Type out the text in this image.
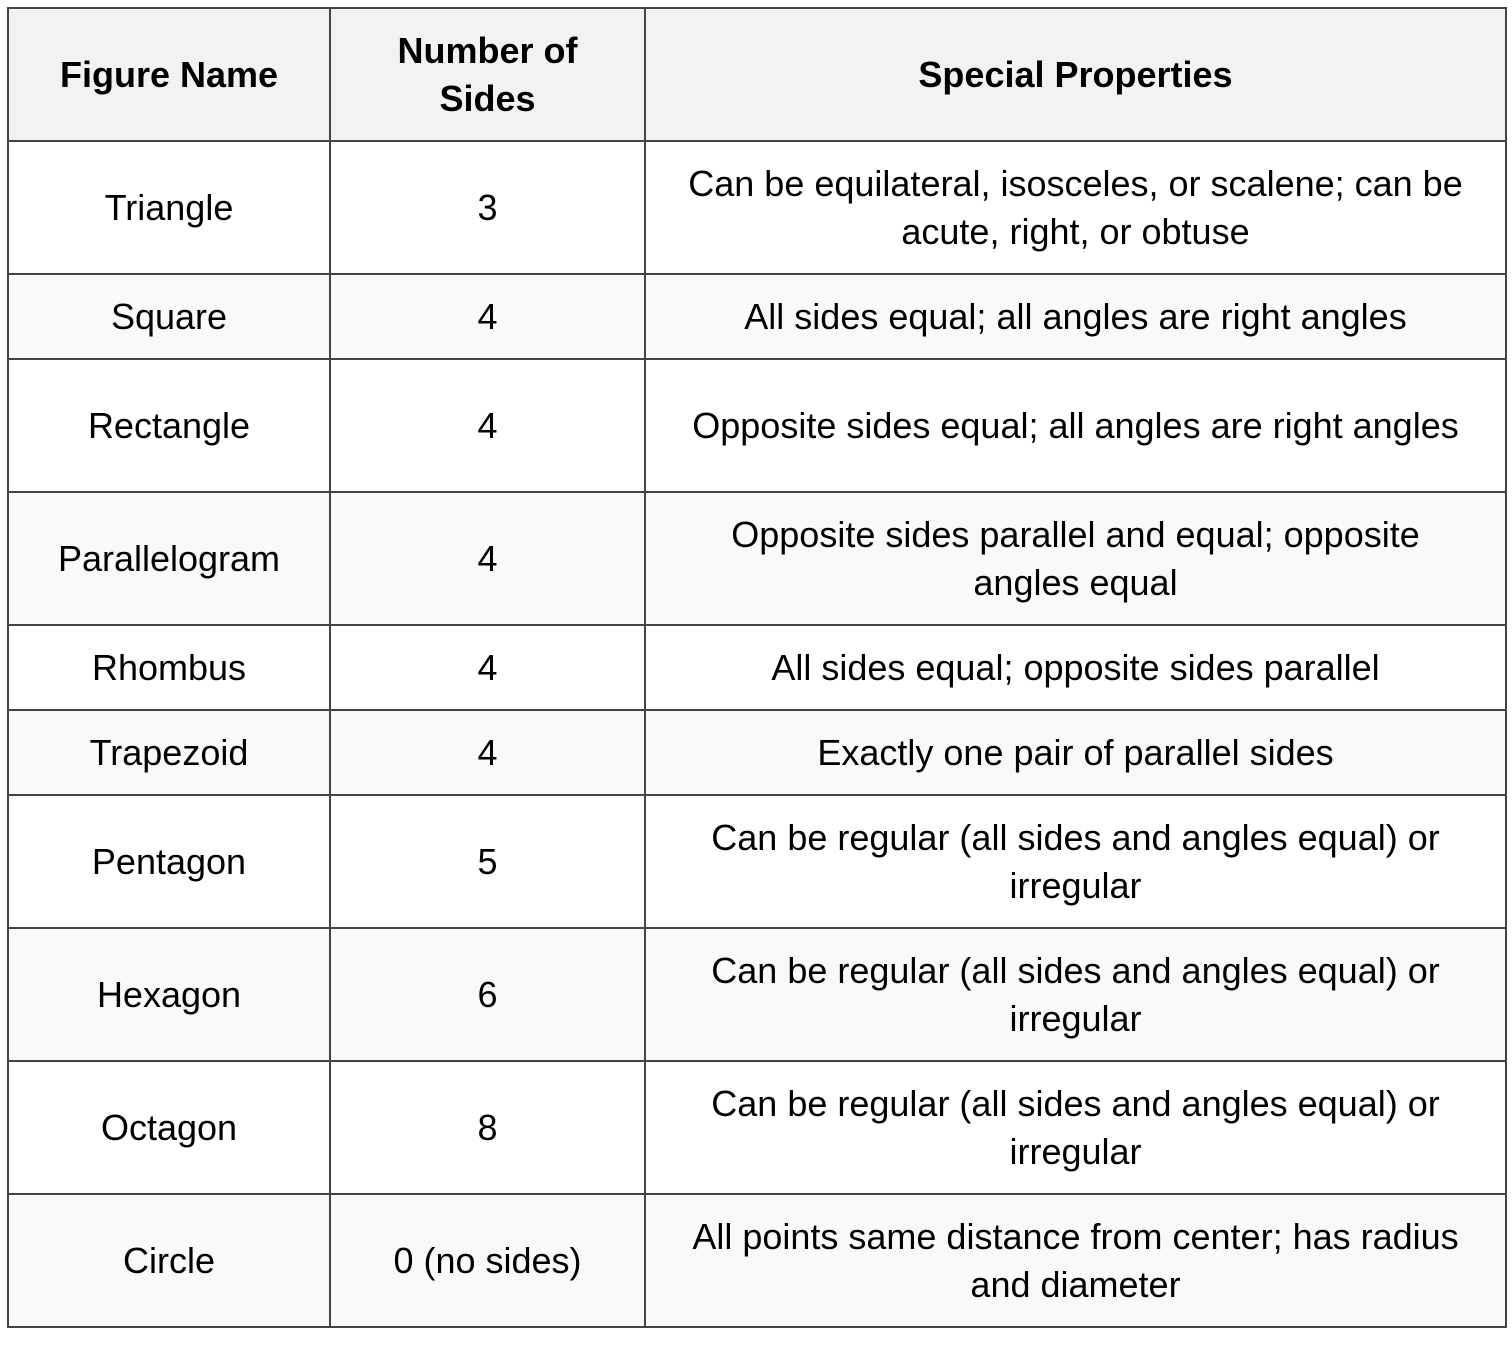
Figure Name	Number of Sides	Special Properties
Triangle	3	Can be equilateral, isosceles, or scalene; can be acute, right, or obtuse
Square	4	All sides equal; all angles are right angles
Rectangle	4	Opposite sides equal; all angles are right angles
Parallelogram	4	Opposite sides parallel and equal; opposite angles equal
Rhombus	4	All sides equal; opposite sides parallel
Trapezoid	4	Exactly one pair of parallel sides
Pentagon	5	Can be regular (all sides and angles equal) or irregular
Hexagon	6	Can be regular (all sides and angles equal) or irregular
Octagon	8	Can be regular (all sides and angles equal) or irregular
Circle	0 (no sides)	All points same distance from center; has radius and diameter
